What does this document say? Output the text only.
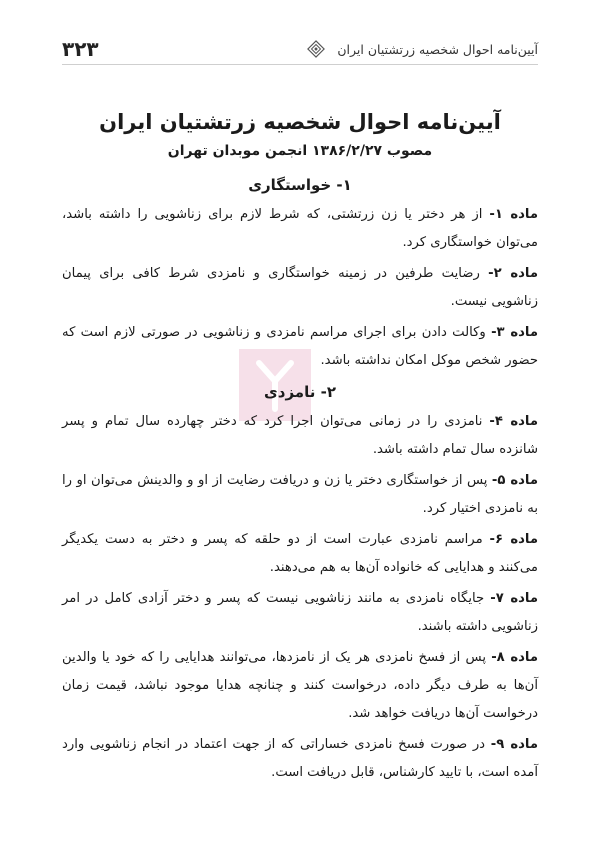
۳۲۳	آیین‌نامه احوال شخصیه زرتشتیان ایران
آیین‌نامه احوال شخصیه زرتشتیان ایران
مصوب ۱۳۸۶/۲/۲۷ انجمن موبدان تهران
۱- خواستگاری

ماده ۱- از هر دختر یا زن زرتشتی، که شرط لازم برای زناشویی را داشته باشد، می‌توان خواستگاری کرد.

ماده ۲- رضایت طرفین در زمینه خواستگاری و نامزدی شرط کافی برای پیمان زناشویی نیست.

ماده ۳- وکالت دادن برای اجرای مراسم نامزدی و زناشویی در صورتی لازم است که حضور شخص موکل امکان نداشته باشد.

۲- نامزدی

ماده ۴- نامزدی را در زمانی می‌توان اجرا کرد که دختر چهارده سال تمام و پسر شانزده سال تمام داشته باشد.

ماده ۵- پس از خواستگاری دختر یا زن و دریافت رضایت از او و والدینش می‌توان او را به نامزدی اختیار کرد.

ماده ۶- مراسم نامزدی عبارت است از دو حلقه که پسر و دختر به دست یکدیگر می‌کنند و هدایایی که خانواده آن‌ها به هم می‌دهند.

ماده ۷- جایگاه نامزدی به مانند زناشویی نیست که پسر و دختر آزادی کامل در امر زناشویی داشته باشند.

ماده ۸- پس از فسخ نامزدی هر یک از نامزدها، می‌توانند هدایایی را که خود یا والدین آن‌ها به طرف دیگر داده، درخواست کنند و چنانچه هدایا موجود نباشد، قیمت زمان درخواست آن‌ها دریافت خواهد شد.

ماده ۹- در صورت فسخ نامزدی خساراتی که از جهت اعتماد در انجام زناشویی وارد آمده است، با تایید کارشناس، قابل دریافت است.
